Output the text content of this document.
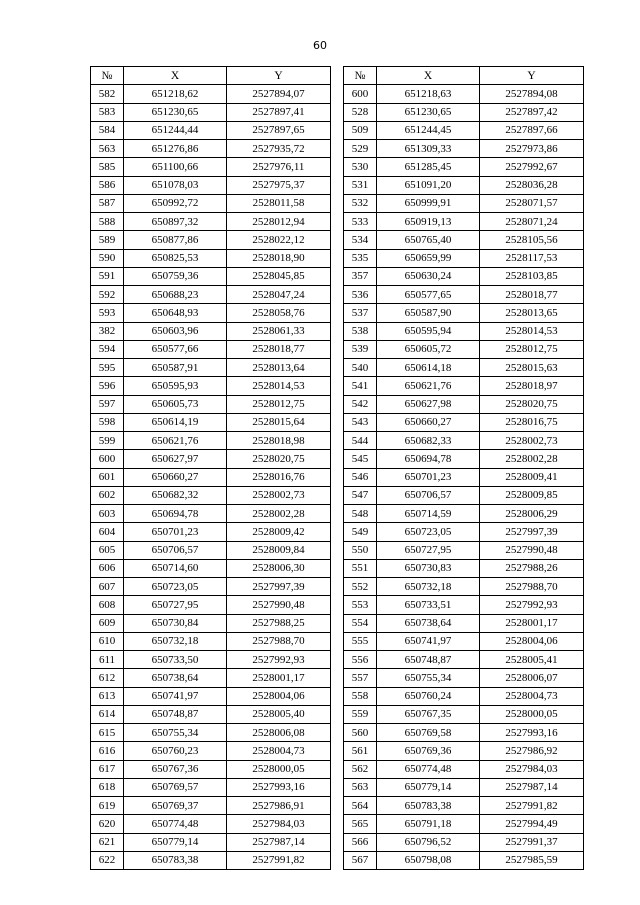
60
№	X	Y
582	651218,62	2527894,07
583	651230,65	2527897,41
584	651244,44	2527897,65
563	651276,86	2527935,72
585	651100,66	2527976,11
586	651078,03	2527975,37
587	650992,72	2528011,58
588	650897,32	2528012,94
589	650877,86	2528022,12
590	650825,53	2528018,90
591	650759,36	2528045,85
592	650688,23	2528047,24
593	650648,93	2528058,76
382	650603,96	2528061,33
594	650577,66	2528018,77
595	650587,91	2528013,64
596	650595,93	2528014,53
597	650605,73	2528012,75
598	650614,19	2528015,64
599	650621,76	2528018,98
600	650627,97	2528020,75
601	650660,27	2528016,76
602	650682,32	2528002,73
603	650694,78	2528002,28
604	650701,23	2528009,42
605	650706,57	2528009,84
606	650714,60	2528006,30
607	650723,05	2527997,39
608	650727,95	2527990,48
609	650730,84	2527988,25
610	650732,18	2527988,70
611	650733,50	2527992,93
612	650738,64	2528001,17
613	650741,97	2528004,06
614	650748,87	2528005,40
615	650755,34	2528006,08
616	650760,23	2528004,73
617	650767,36	2528000,05
618	650769,57	2527993,16
619	650769,37	2527986,91
620	650774,48	2527984,03
621	650779,14	2527987,14
622	650783,38	2527991,82
№	X	Y
600	651218,63	2527894,08
528	651230,65	2527897,42
509	651244,45	2527897,66
529	651309,33	2527973,86
530	651285,45	2527992,67
531	651091,20	2528036,28
532	650999,91	2528071,57
533	650919,13	2528071,24
534	650765,40	2528105,56
535	650659,99	2528117,53
357	650630,24	2528103,85
536	650577,65	2528018,77
537	650587,90	2528013,65
538	650595,94	2528014,53
539	650605,72	2528012,75
540	650614,18	2528015,63
541	650621,76	2528018,97
542	650627,98	2528020,75
543	650660,27	2528016,75
544	650682,33	2528002,73
545	650694,78	2528002,28
546	650701,23	2528009,41
547	650706,57	2528009,85
548	650714,59	2528006,29
549	650723,05	2527997,39
550	650727,95	2527990,48
551	650730,83	2527988,26
552	650732,18	2527988,70
553	650733,51	2527992,93
554	650738,64	2528001,17
555	650741,97	2528004,06
556	650748,87	2528005,41
557	650755,34	2528006,07
558	650760,24	2528004,73
559	650767,35	2528000,05
560	650769,58	2527993,16
561	650769,36	2527986,92
562	650774,48	2527984,03
563	650779,14	2527987,14
564	650783,38	2527991,82
565	650791,18	2527994,49
566	650796,52	2527991,37
567	650798,08	2527985,59
